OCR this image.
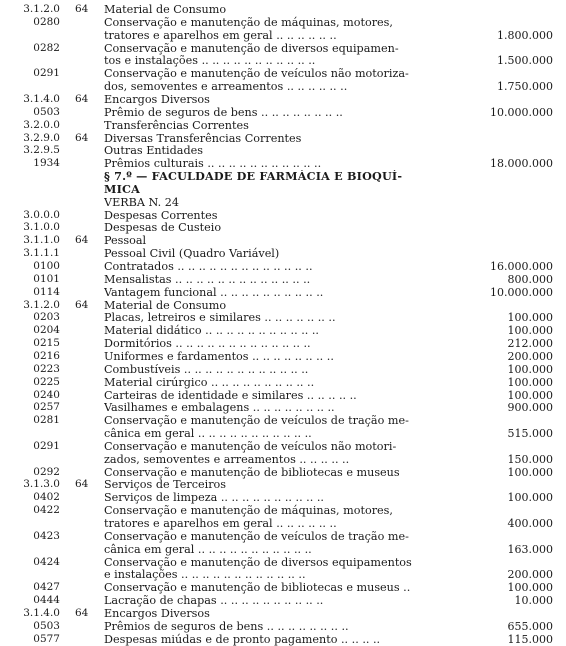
3.1.2.0 64 Material de Consumo
0280	Conservação e manutenção de máquinas, motores,
tratores e aparelhos em geral .. .. .. .. .. ..	1.800.000
0282	Conservação e manutenção de diversos equipamen-
tos e instalações .. .. .. .. .. .. .. .. .. .. ..	1.500.000
0291	Conservação e manutenção de veículos não motoriza-
dos, semoventes e arreamentos .. .. .. .. .. ..	1.750.000
3.1.4.0 64 Encargos Diversos
0503	Prêmio de seguros de bens .. .. .. .. .. .. .. ..	10.000.000
3.2.0.0	Transferências Correntes
3.2.9.0 64 Diversas Transferências Correntes
3.2.9.5	Outras Entidades
1934	Prêmios culturais .. .. .. .. .. .. .. .. .. .. ..	18.000.000
§ 7.º — FACULDADE DE FARMÁCIA E BIOQUÍ-
MICA
VERBA N. 24
3.0.0.0	Despesas Correntes
3.1.0.0	Despesas de Custeio
3.1.1.0 64 Pessoal
3.1.1.1	Pessoal Civil (Quadro Variável)
0100	Contratados .. .. .. .. .. .. .. .. .. .. .. .. ..	16.000.000
0101	Mensalistas .. .. .. .. .. .. .. .. .. .. .. .. ..	800.000
0114	Vantagem funcional .. .. .. .. .. .. .. .. .. ..	10.000.000
3.1.2.0 64 Material de Consumo
0203	Placas, letreiros e similares .. .. .. .. .. .. ..	100.000
0204	Material didático .. .. .. .. .. .. .. .. .. .. ..	100.000
0215	Dormitórios .. .. .. .. .. .. .. .. .. .. .. .. ..	212.000
0216	Uniformes e fardamentos .. .. .. .. .. .. .. ..	200.000
0223	Combustíveis .. .. .. .. .. .. .. .. .. .. .. ..	100.000
0225	Material cirúrgico .. .. .. .. .. .. .. .. .. ..	100.000
0240	Carteiras de identidade e similares .. .. .. .. ..	100.000
0257	Vasilhames e embalagens .. .. .. .. .. .. .. ..	900.000
0281	Conservação e manutenção de veículos de tração me-
cânica em geral .. .. .. .. .. .. .. .. .. .. ..	515.000
0291	Conservação e manutenção de veículos não motori-
zados, semoventes e arreamentos .. .. .. .. ..	150.000
0292	Conservação e manutenção de bibliotecas e museus	100.000
3.1.3.0 64 Serviços de Terceiros
0402	Serviços de limpeza .. .. .. .. .. .. .. .. .. ..	100.000
0422	Conservação e manutenção de máquinas, motores,
tratores e aparelhos em geral .. .. .. .. .. ..	400.000
0423	Conservação e manutenção de veículos de tração me-
cânica em geral .. .. .. .. .. .. .. .. .. .. ..	163.000
0424	Conservação e manutenção de diversos equipamentos
e instalações .. .. .. .. .. .. .. .. .. .. .. ..	200.000
0427	Conservação e manutenção de bibliotecas e museus ..	100.000
0444	Lacração de chapas .. .. .. .. .. .. .. .. .. ..	10.000
3.1.4.0 64 Encargos Diversos
0503	Prêmios de seguros de bens .. .. .. .. .. .. .. ..	655.000
0577	Despesas miúdas e de pronto pagamento .. .. .. ..	115.000
